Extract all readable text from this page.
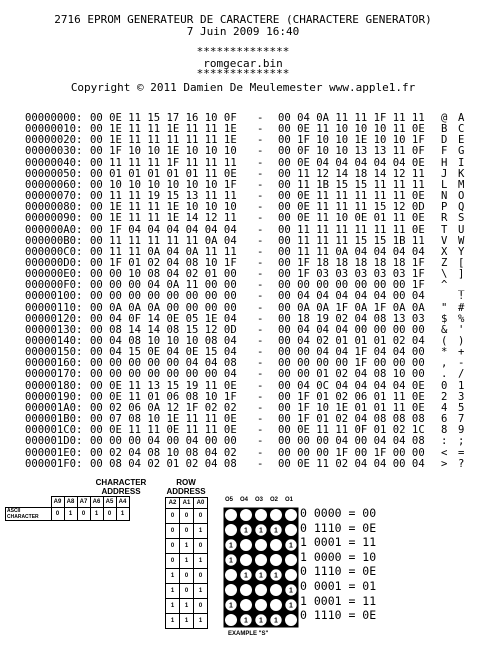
2716 EPROM GENERATEUR DE CARACTERE (CHARACTERE GENERATOR)
7 Juin 2009 16:40
**************
romgecar.bin
**************
Copyright © 2011 Damien De Meulemester www.apple1.fr
00000000: 00 0E 11 15 17 16 10 0F - 00 04 0A 11 11 1F 11 11 @ A
00000010: 00 1E 11 11 1E 11 11 1E - 00 0E 11 10 10 10 11 0E B C
00000020: 00 1E 11 11 11 11 11 1E - 00 1F 10 10 1E 10 10 1F D E
00000030: 00 1F 10 10 1E 10 10 10 - 00 0F 10 10 13 13 11 0F F G
00000040: 00 11 11 11 1F 11 11 11 - 00 0E 04 04 04 04 04 0E H I
00000050: 00 01 01 01 01 01 11 0E - 00 11 12 14 18 14 12 11 J K
00000060: 00 10 10 10 10 10 10 1F - 00 11 1B 15 15 11 11 11 L M
00000070: 00 11 11 19 15 13 11 11 - 00 0E 11 11 11 11 11 0E N O
00000080: 00 1E 11 11 1E 10 10 10 - 00 0E 11 11 11 15 12 0D P Q
00000090: 00 1E 11 11 1E 14 12 11 - 00 0E 11 10 0E 01 11 0E R S
000000A0: 00 1F 04 04 04 04 04 04 - 00 11 11 11 11 11 11 0E T U
000000B0: 00 11 11 11 11 11 0A 04 - 00 11 11 11 15 15 1B 11 V W
000000C0: 00 11 11 0A 04 0A 11 11 - 00 11 11 0A 04 04 04 04 X Y
000000D0: 00 1F 01 02 04 08 10 1F - 00 1F 18 18 18 18 18 1F Z [
000000E0: 00 00 10 08 04 02 01 00 - 00 1F 03 03 03 03 03 1F \ ]
000000F0: 00 00 00 04 0A 11 00 00 - 00 00 00 00 00 00 00 1F ^ _
00000100: 00 00 00 00 00 00 00 00 - 00 04 04 04 04 04 00 04	!
00000110: 00 0A 0A 0A 00 00 00 00 - 00 0A 0A 1F 0A 1F 0A 0A " #
00000120: 00 04 0F 14 0E 05 1E 04 - 00 18 19 02 04 08 13 03 $ %
00000130: 00 08 14 14 08 15 12 0D - 00 04 04 04 00 00 00 00 & '
00000140: 00 04 08 10 10 10 08 04 - 00 04 02 01 01 01 02 04 ( )
00000150: 00 04 15 0E 04 0E 15 04 - 00 00 04 04 1F 04 04 00 * +
00000160: 00 00 00 00 00 04 04 08 - 00 00 00 00 1F 00 00 00 , -
00000170: 00 00 00 00 00 00 00 04 - 00 00 01 02 04 08 10 00 . /
00000180: 00 0E 11 13 15 19 11 0E - 00 04 0C 04 04 04 04 0E 0 1
00000190: 00 0E 11 01 06 08 10 1F - 00 1F 01 02 06 01 11 0E 2 3
000001A0: 00 02 06 0A 12 1F 02 02 - 00 1F 10 1E 01 01 11 0E 4 5
000001B0: 00 07 08 10 1E 11 11 0E - 00 1F 01 02 04 08 08 08 6 7
000001C0: 00 0E 11 11 0E 11 11 0E - 00 0E 11 11 0F 01 02 1C 8 9
000001D0: 00 00 00 04 00 04 00 00 - 00 00 00 04 00 04 04 08 : ;
000001E0: 00 02 04 08 10 08 04 02 - 00 00 00 1F 00 1F 00 00 < =
000001F0: 00 08 04 02 01 02 04 08 - 00 0E 11 02 04 04 00 04 > ?
CHARACTER
ADDRESS
	A9	A8	A7	A6	A5	A4

ASCII
CHARACTER	0	1	0	1	0	1
ROW
ADDRESS
A2	A1	A0
0	0	0
0	0	1
0	1	0
0	1	1
1	0	0
1	0	1
1	1	0
1	1	1
O5 O4 O3 O2 O1
1 1 1
1	1
1
1 1 1
1
1	1
1 1 1
EXAMPLE "S"
0 0000 = 00
0 1110 = 0E
1 0001 = 11
1 0000 = 10
0 1110 = 0E
0 0001 = 01
1 0001 = 11
0 1110 = 0E
